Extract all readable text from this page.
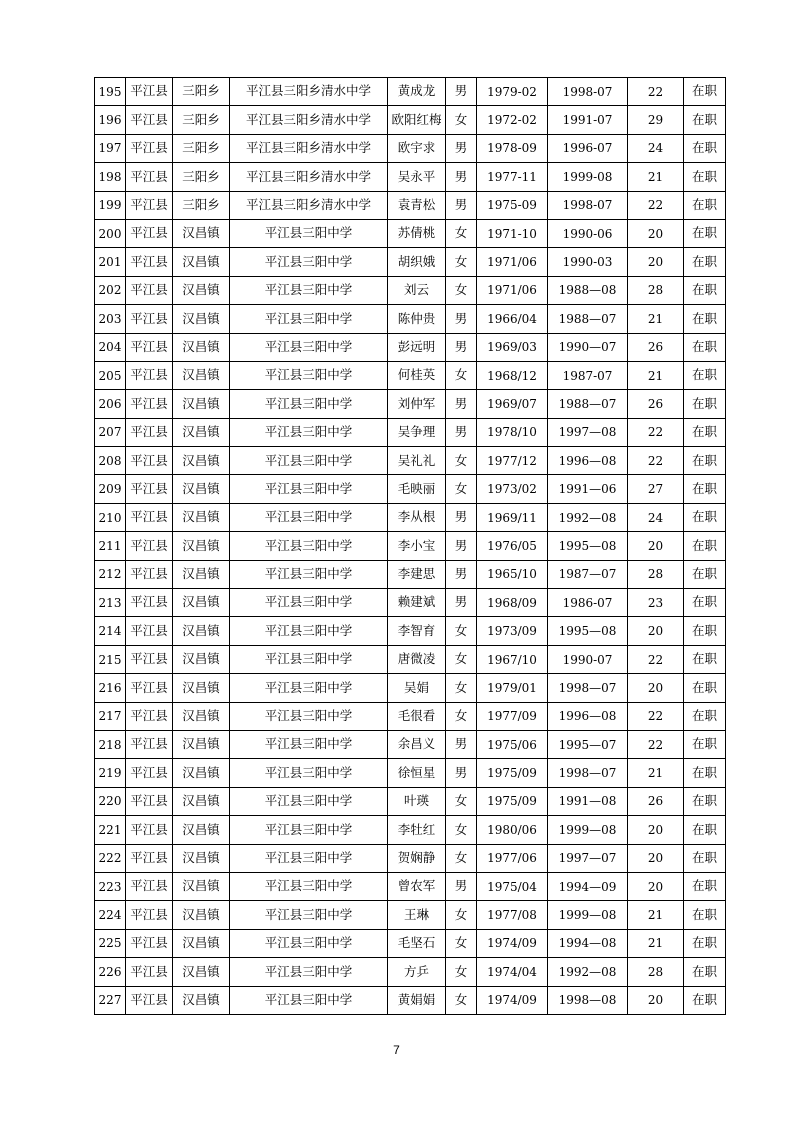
195	平江县	三阳乡	平江县三阳乡清水中学	黄成龙	男	1979-02	1998-07	22	在职
196	平江县	三阳乡	平江县三阳乡清水中学	欧阳红梅	女	1972-02	1991-07	29	在职
197	平江县	三阳乡	平江县三阳乡清水中学	欧宇求	男	1978-09	1996-07	24	在职
198	平江县	三阳乡	平江县三阳乡清水中学	吴永平	男	1977-11	1999-08	21	在职
199	平江县	三阳乡	平江县三阳乡清水中学	袁青松	男	1975-09	1998-07	22	在职
200	平江县	汉昌镇	平江县三阳中学	苏倩桃	女	1971-10	1990-06	20	在职
201	平江县	汉昌镇	平江县三阳中学	胡织娥	女	1971/06	1990-03	20	在职
202	平江县	汉昌镇	平江县三阳中学	刘云	女	1971/06	1988—08	28	在职
203	平江县	汉昌镇	平江县三阳中学	陈仲贵	男	1966/04	1988—07	21	在职
204	平江县	汉昌镇	平江县三阳中学	彭远明	男	1969/03	1990—07	26	在职
205	平江县	汉昌镇	平江县三阳中学	何桂英	女	1968/12	1987-07	21	在职
206	平江县	汉昌镇	平江县三阳中学	刘仲军	男	1969/07	1988—07	26	在职
207	平江县	汉昌镇	平江县三阳中学	吴争理	男	1978/10	1997—08	22	在职
208	平江县	汉昌镇	平江县三阳中学	吴礼礼	女	1977/12	1996—08	22	在职
209	平江县	汉昌镇	平江县三阳中学	毛映丽	女	1973/02	1991—06	27	在职
210	平江县	汉昌镇	平江县三阳中学	李从根	男	1969/11	1992—08	24	在职
211	平江县	汉昌镇	平江县三阳中学	李小宝	男	1976/05	1995—08	20	在职
212	平江县	汉昌镇	平江县三阳中学	李建思	男	1965/10	1987—07	28	在职
213	平江县	汉昌镇	平江县三阳中学	赖建斌	男	1968/09	1986-07	23	在职
214	平江县	汉昌镇	平江县三阳中学	李智育	女	1973/09	1995—08	20	在职
215	平江县	汉昌镇	平江县三阳中学	唐微凌	女	1967/10	1990-07	22	在职
216	平江县	汉昌镇	平江县三阳中学	吴娟	女	1979/01	1998—07	20	在职
217	平江县	汉昌镇	平江县三阳中学	毛很看	女	1977/09	1996—08	22	在职
218	平江县	汉昌镇	平江县三阳中学	余昌义	男	1975/06	1995—07	22	在职
219	平江县	汉昌镇	平江县三阳中学	徐恒星	男	1975/09	1998—07	21	在职
220	平江县	汉昌镇	平江县三阳中学	叶瑛	女	1975/09	1991—08	26	在职
221	平江县	汉昌镇	平江县三阳中学	李牡红	女	1980/06	1999—08	20	在职
222	平江县	汉昌镇	平江县三阳中学	贺娴静	女	1977/06	1997—07	20	在职
223	平江县	汉昌镇	平江县三阳中学	曾农军	男	1975/04	1994—09	20	在职
224	平江县	汉昌镇	平江县三阳中学	王琳	女	1977/08	1999—08	21	在职
225	平江县	汉昌镇	平江县三阳中学	毛坚石	女	1974/09	1994—08	21	在职
226	平江县	汉昌镇	平江县三阳中学	方乒	女	1974/04	1992—08	28	在职
227	平江县	汉昌镇	平江县三阳中学	黄娟娟	女	1974/09	1998—08	20	在职
7
